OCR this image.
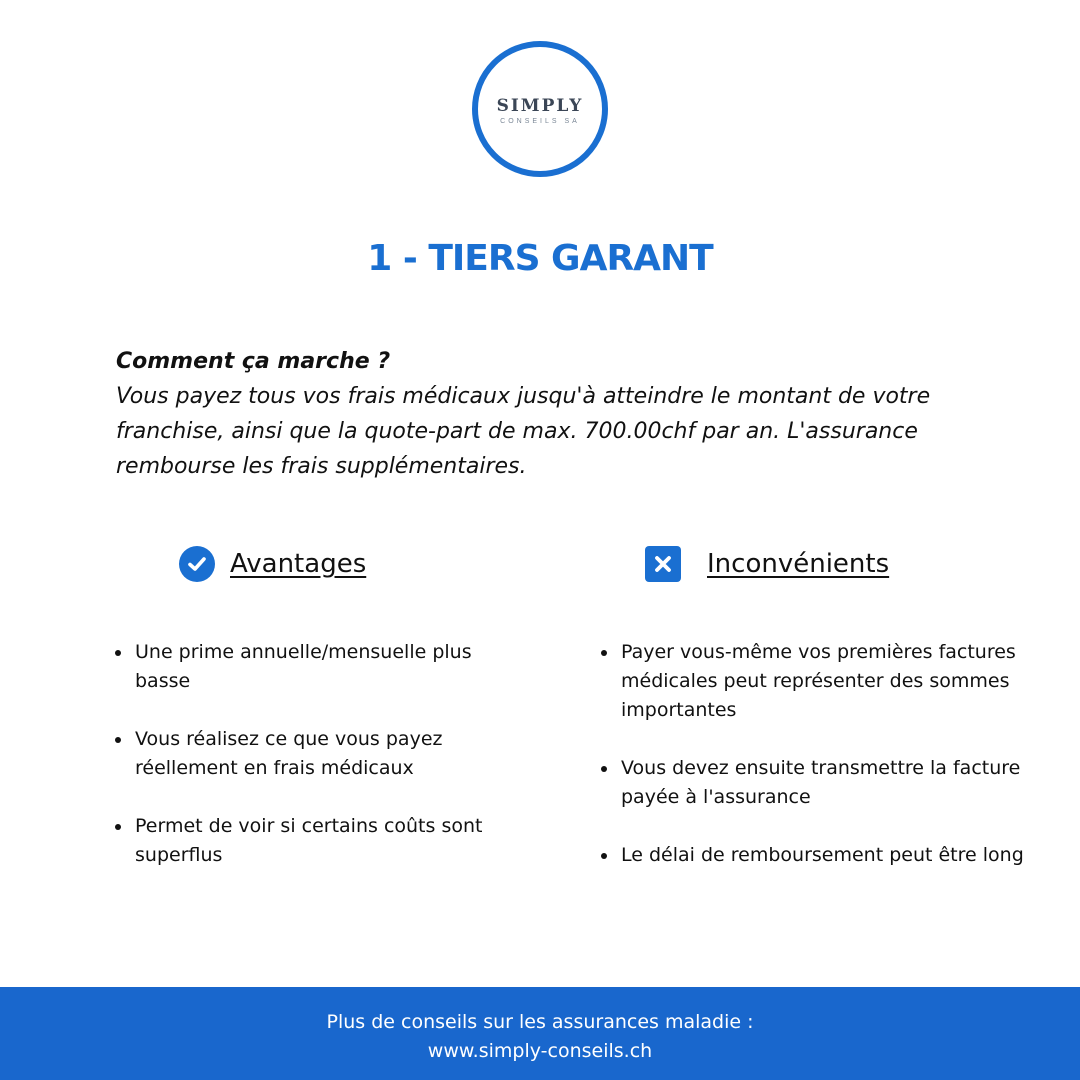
SIMPLY
CONSEILS SA
1 - TIERS GARANT
Comment ça marche ?
Vous payez tous vos frais médicaux jusqu'à atteindre le montant de votre franchise, ainsi que la quote-part de max. 700.00chf par an. L'assurance rembourse les frais supplémentaires.
Avantages	Inconvénients
Une prime annuelle/mensuelle plus basse
Vous réalisez ce que vous payez réellement en frais médicaux
Permet de voir si certains coûts sont superflus
Payer vous-même vos premières factures médicales peut représenter des sommes importantes
Vous devez ensuite transmettre la facture payée à l'assurance
Le délai de remboursement peut être long
Plus de conseils sur les assurances maladie :
www.simply-conseils.ch
